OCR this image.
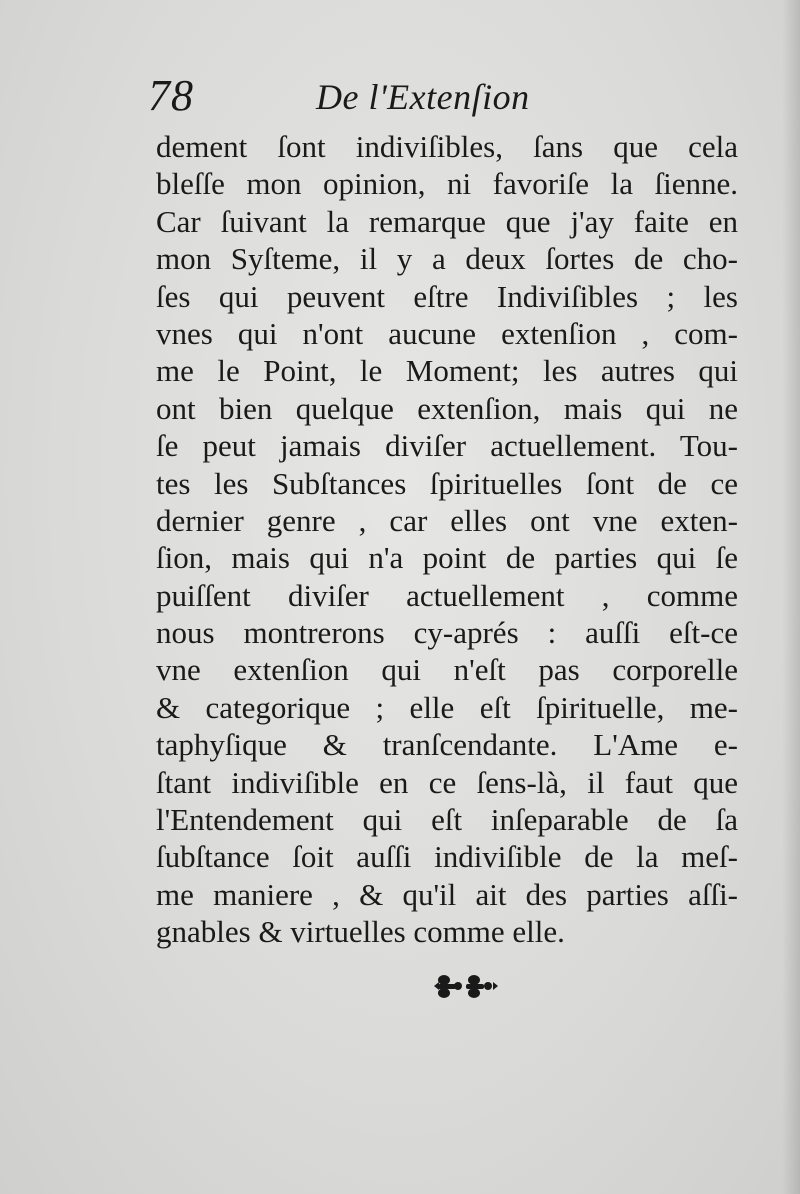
78	De l'Extenſion
dement ſont indiviſibles, ſans que cela
bleſſe mon opinion, ni favoriſe la ſienne.
Car ſuivant la remarque que j'ay faite en
mon Syſteme, il y a deux ſortes de cho-
ſes qui peuvent eſtre Indiviſibles ; les
vnes qui n'ont aucune extenſion , com-
me le Point, le Moment; les autres qui
ont bien quelque extenſion, mais qui ne
ſe peut jamais diviſer actuellement. Tou-
tes les Subſtances ſpirituelles ſont de ce
dernier genre , car elles ont vne exten-
ſion, mais qui n'a point de parties qui ſe
puiſſent diviſer actuellement , comme
nous montrerons cy-aprés : auſſi eſt-ce
vne extenſion qui n'eſt pas corporelle
& categorique ; elle eſt ſpirituelle, me-
taphyſique & tranſcendante. L'Ame e-
ſtant indiviſible en ce ſens-là, il faut que
l'Entendement qui eſt inſeparable de ſa
ſubſtance ſoit auſſi indiviſible de la meſ-
me maniere , & qu'il ait des parties aſſi-
gnables & virtuelles comme elle.
